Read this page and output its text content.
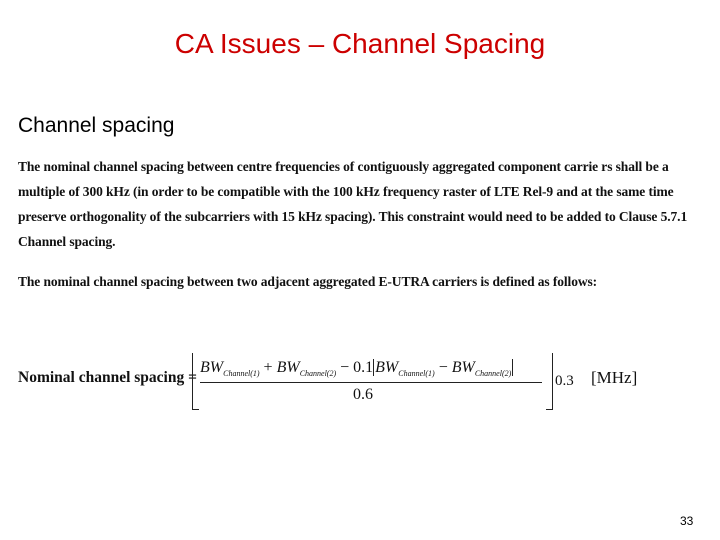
CA Issues – Channel Spacing
Channel spacing
The nominal channel spacing between centre frequencies of contiguously aggregated component carrie rs shall be a multiple of 300 kHz (in order to be compatible with the 100 kHz frequency raster of LTE Rel-9 and at the same time preserve orthogonality of the subcarriers with 15 kHz spacing). This constraint would need to be added to Clause 5.7.1 Channel spacing.
The nominal channel spacing between two adjacent aggregated E-UTRA carriers is defined as follows:
Nominal channel spacing =
$BW_{Channel(1)} + BW_{Channel(2)} - 0.1$ $BW_{Channel(1)} - BW_{Channel(2)}$
0.6
0.3 [MHz]
33
